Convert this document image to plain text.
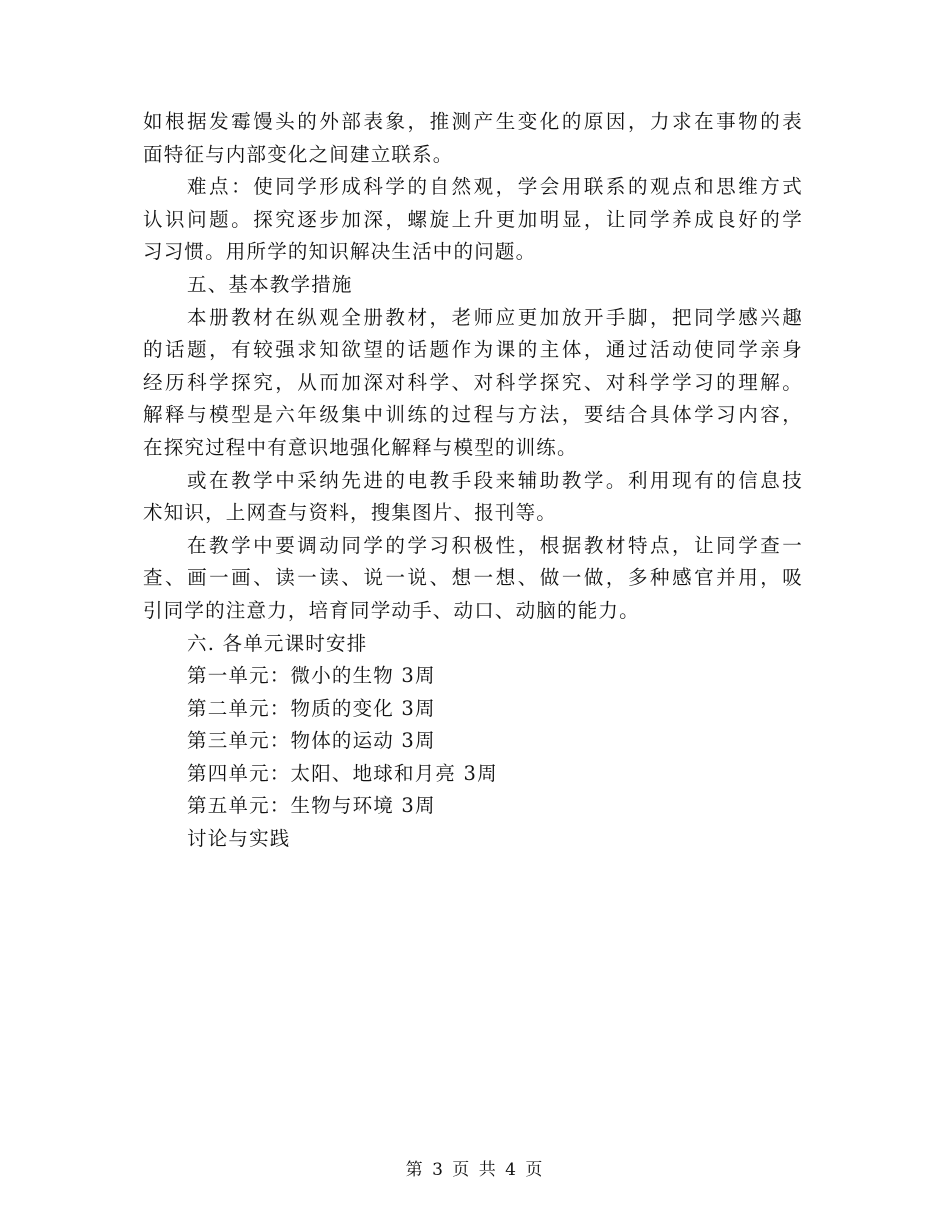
如根据发霉馒头的外部表象，推测产生变化的原因，力求在事物的表
面特征与内部变化之间建立联系。
难点：使同学形成科学的自然观，学会用联系的观点和思维方式
认识问题。探究逐步加深，螺旋上升更加明显，让同学养成良好的学
习习惯。用所学的知识解决生活中的问题。
五、基本教学措施
本册教材在纵观全册教材，老师应更加放开手脚，把同学感兴趣
的话题，有较强求知欲望的话题作为课的主体，通过活动使同学亲身
经历科学探究，从而加深对科学、对科学探究、对科学学习的理解。
解释与模型是六年级集中训练的过程与方法，要结合具体学习内容，
在探究过程中有意识地强化解释与模型的训练。
或在教学中采纳先进的电教手段来辅助教学。利用现有的信息技
术知识，上网查与资料，搜集图片、报刊等。
在教学中要调动同学的学习积极性，根据教材特点，让同学查一
查、画一画、读一读、说一说、想一想、做一做，多种感官并用，吸
引同学的注意力，培育同学动手、动口、动脑的能力。
六. 各单元课时安排
第一单元：微小的生物 3周
第二单元：物质的变化 3周
第三单元：物体的运动 3周
第四单元：太阳、地球和月亮 3周
第五单元：生物与环境 3周
讨论与实践
第 3 页 共 4 页
